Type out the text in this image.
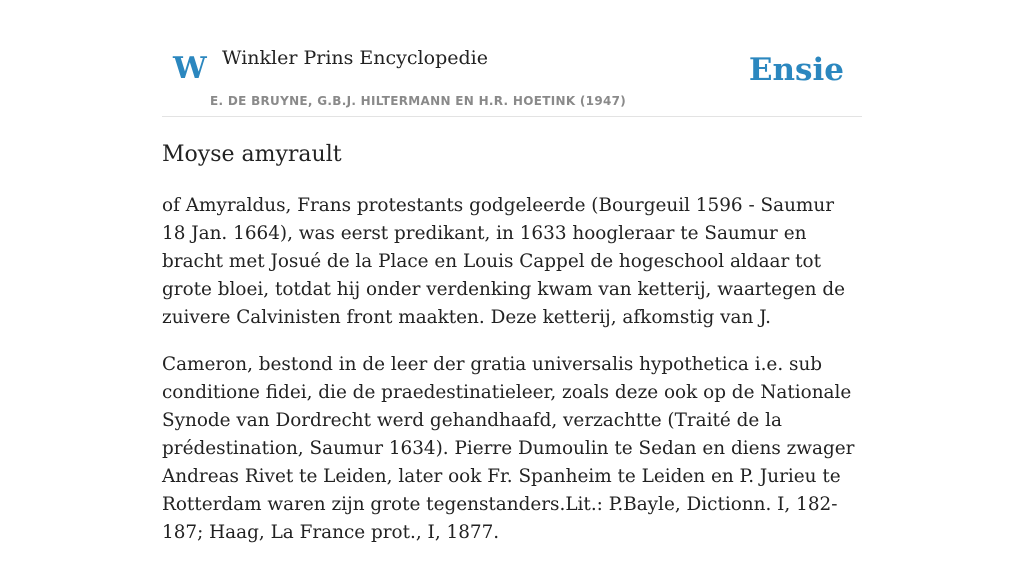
W Winkler Prins Encyclopedie
E. DE BRUYNE, G.B.J. HILTERMANN EN H.R. HOETINK (1947)
Ensie
Moyse amyrault

of Amyraldus, Frans protestants godgeleerde (Bourgeuil 1596 - Saumur 18 Jan. 1664), was eerst predikant, in 1633 hoogleraar te Saumur en bracht met Josué de la Place en Louis Cappel de hogeschool aldaar tot grote bloei, totdat hij onder verdenking kwam van ketterij, waartegen de zuivere Calvinisten front maakten. Deze ketterij, afkomstig van J.

Cameron, bestond in de leer der gratia universalis hypothetica i.e. sub conditione fidei, die de praedestinatieleer, zoals deze ook op de Nationale Synode van Dordrecht werd gehandhaafd, verzachtte (Traité de la prédestination, Saumur 1634). Pierre Dumoulin te Sedan en diens zwager Andreas Rivet te Leiden, later ook Fr. Spanheim te Leiden en P. Jurieu te Rotterdam waren zijn grote tegenstanders.Lit.: P.Bayle, Dictionn. I, 182-187; Haag, La France prot., I, 1877.
